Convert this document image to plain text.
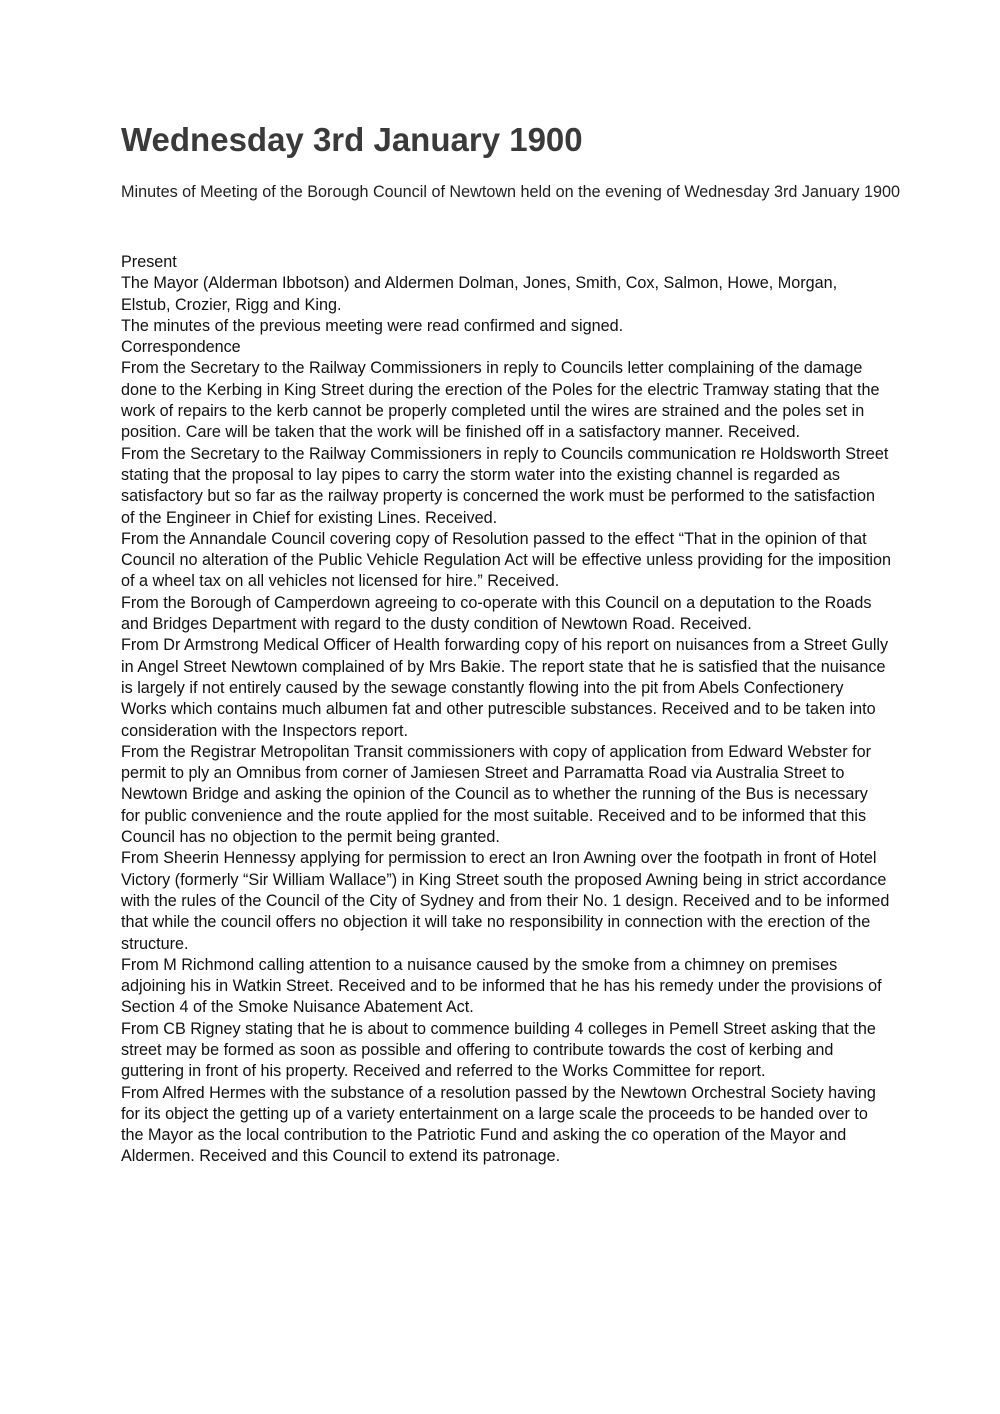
Wednesday 3rd January 1900

Minutes of Meeting of the Borough Council of Newtown held on the evening of Wednesday 3rd January 1900

Present

The Mayor (Alderman Ibbotson) and Aldermen Dolman, Jones, Smith, Cox, Salmon, Howe, Morgan, Elstub, Crozier, Rigg and King.

The minutes of the previous meeting were read confirmed and signed.

Correspondence

From the Secretary to the Railway Commissioners in reply to Councils letter complaining of the damage done to the Kerbing in King Street during the erection of the Poles for the electric Tramway stating that the work of repairs to the kerb cannot be properly completed until the wires are strained and the poles set in position. Care will be taken that the work will be finished off in a satisfactory manner. Received.

From the Secretary to the Railway Commissioners in reply to Councils communication re Holdsworth Street stating that the proposal to lay pipes to carry the storm water into the existing channel is regarded as satisfactory but so far as the railway property is concerned the work must be performed to the satisfaction of the Engineer in Chief for existing Lines. Received.

From the Annandale Council covering copy of Resolution passed to the effect “That in the opinion of that Council no alteration of the Public Vehicle Regulation Act will be effective unless providing for the imposition of a wheel tax on all vehicles not licensed for hire.” Received.

From the Borough of Camperdown agreeing to co-operate with this Council on a deputation to the Roads and Bridges Department with regard to the dusty condition of Newtown Road. Received.

From Dr Armstrong Medical Officer of Health forwarding copy of his report on nuisances from a Street Gully in Angel Street Newtown complained of by Mrs Bakie. The report state that he is satisfied that the nuisance is largely if not entirely caused by the sewage constantly flowing into the pit from Abels Confectionery Works which contains much albumen fat and other putrescible substances. Received and to be taken into consideration with the Inspectors report.

From the Registrar Metropolitan Transit commissioners with copy of application from Edward Webster for permit to ply an Omnibus from corner of Jamiesen Street and Parramatta Road via Australia Street to Newtown Bridge and asking the opinion of the Council as to whether the running of the Bus is necessary for public convenience and the route applied for the most suitable. Received and to be informed that this Council has no objection to the permit being granted.

From Sheerin Hennessy applying for permission to erect an Iron Awning over the footpath in front of Hotel Victory (formerly “Sir William Wallace”) in King Street south the proposed Awning being in strict accordance with the rules of the Council of the City of Sydney and from their No. 1 design. Received and to be informed that while the council offers no objection it will take no responsibility in connection with the erection of the structure.

From M Richmond calling attention to a nuisance caused by the smoke from a chimney on premises adjoining his in Watkin Street. Received and to be informed that he has his remedy under the provisions of Section 4 of the Smoke Nuisance Abatement Act.

From CB Rigney stating that he is about to commence building 4 colleges in Pemell Street asking that the street may be formed as soon as possible and offering to contribute towards the cost of kerbing and guttering in front of his property. Received and referred to the Works Committee for report.

From Alfred Hermes with the substance of a resolution passed by the Newtown Orchestral Society having for its object the getting up of a variety entertainment on a large scale the proceeds to be handed over to the Mayor as the local contribution to the Patriotic Fund and asking the co operation of the Mayor and Aldermen. Received and this Council to extend its patronage.
